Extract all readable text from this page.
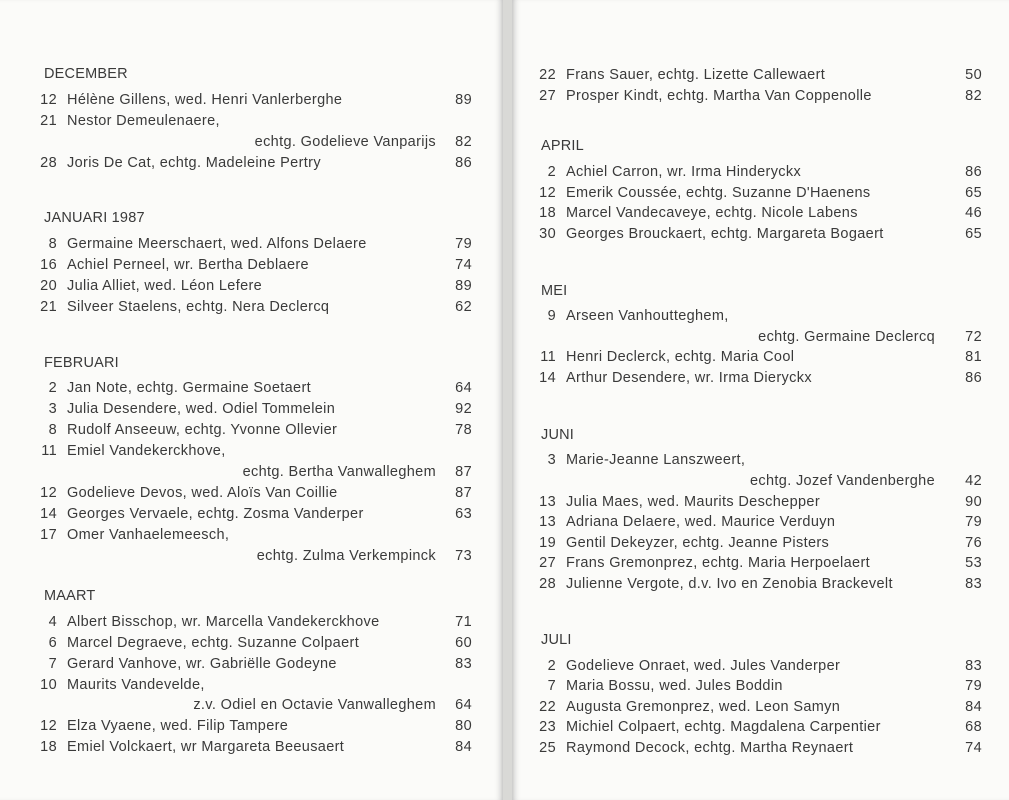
DECEMBER
12 Hélène Gillens, wed. Henri Vanlerberghe	89
21 Nestor Demeulenaere,
echtg. Godelieve Vanparijs	82
28 Joris De Cat, echtg. Madeleine Pertry	86
JANUARI 1987
8 Germaine Meerschaert, wed. Alfons Delaere	79
16 Achiel Perneel, wr. Bertha Deblaere	74
20 Julia Alliet, wed. Léon Lefere	89
21 Silveer Staelens, echtg. Nera Declercq	62
FEBRUARI
2 Jan Note, echtg. Germaine Soetaert	64
3 Julia Desendere, wed. Odiel Tommelein	92
8 Rudolf Anseeuw, echtg. Yvonne Ollevier	78
11 Emiel Vandekerckhove,
echtg. Bertha Vanwalleghem	87
12 Godelieve Devos, wed. Aloïs Van Coillie	87
14 Georges Vervaele, echtg. Zosma Vanderper	63
17 Omer Vanhaelemeesch,
echtg. Zulma Verkempinck	73
MAART
4 Albert Bisschop, wr. Marcella Vandekerckhove	71
6 Marcel Degraeve, echtg. Suzanne Colpaert	60
7 Gerard Vanhove, wr. Gabriëlle Godeyne	83
10 Maurits Vandevelde,
z.v. Odiel en Octavie Vanwalleghem	64
12 Elza Vyaene, wed. Filip Tampere	80
18 Emiel Volckaert, wr Margareta Beeusaert	84
22 Frans Sauer, echtg. Lizette Callewaert	50
27 Prosper Kindt, echtg. Martha Van Coppenolle	82
APRIL
2 Achiel Carron, wr. Irma Hinderyckx	86
12 Emerik Coussée, echtg. Suzanne D'Haenens	65
18 Marcel Vandecaveye, echtg. Nicole Labens	46
30 Georges Brouckaert, echtg. Margareta Bogaert	65
MEI
9 Arseen Vanhoutteghem,
echtg. Germaine Declercq	72
11 Henri Declerck, echtg. Maria Cool	81
14 Arthur Desendere, wr. Irma Dieryckx	86
JUNI
3 Marie-Jeanne Lanszweert,
echtg. Jozef Vandenberghe	42
13 Julia Maes, wed. Maurits Deschepper	90
13 Adriana Delaere, wed. Maurice Verduyn	79
19 Gentil Dekeyzer, echtg. Jeanne Pisters	76
27 Frans Gremonprez, echtg. Maria Herpoelaert	53
28 Julienne Vergote, d.v. Ivo en Zenobia Brackevelt	83
JULI
2 Godelieve Onraet, wed. Jules Vanderper	83
7 Maria Bossu, wed. Jules Boddin	79
22 Augusta Gremonprez, wed. Leon Samyn	84
23 Michiel Colpaert, echtg. Magdalena Carpentier	68
25 Raymond Decock, echtg. Martha Reynaert	74
